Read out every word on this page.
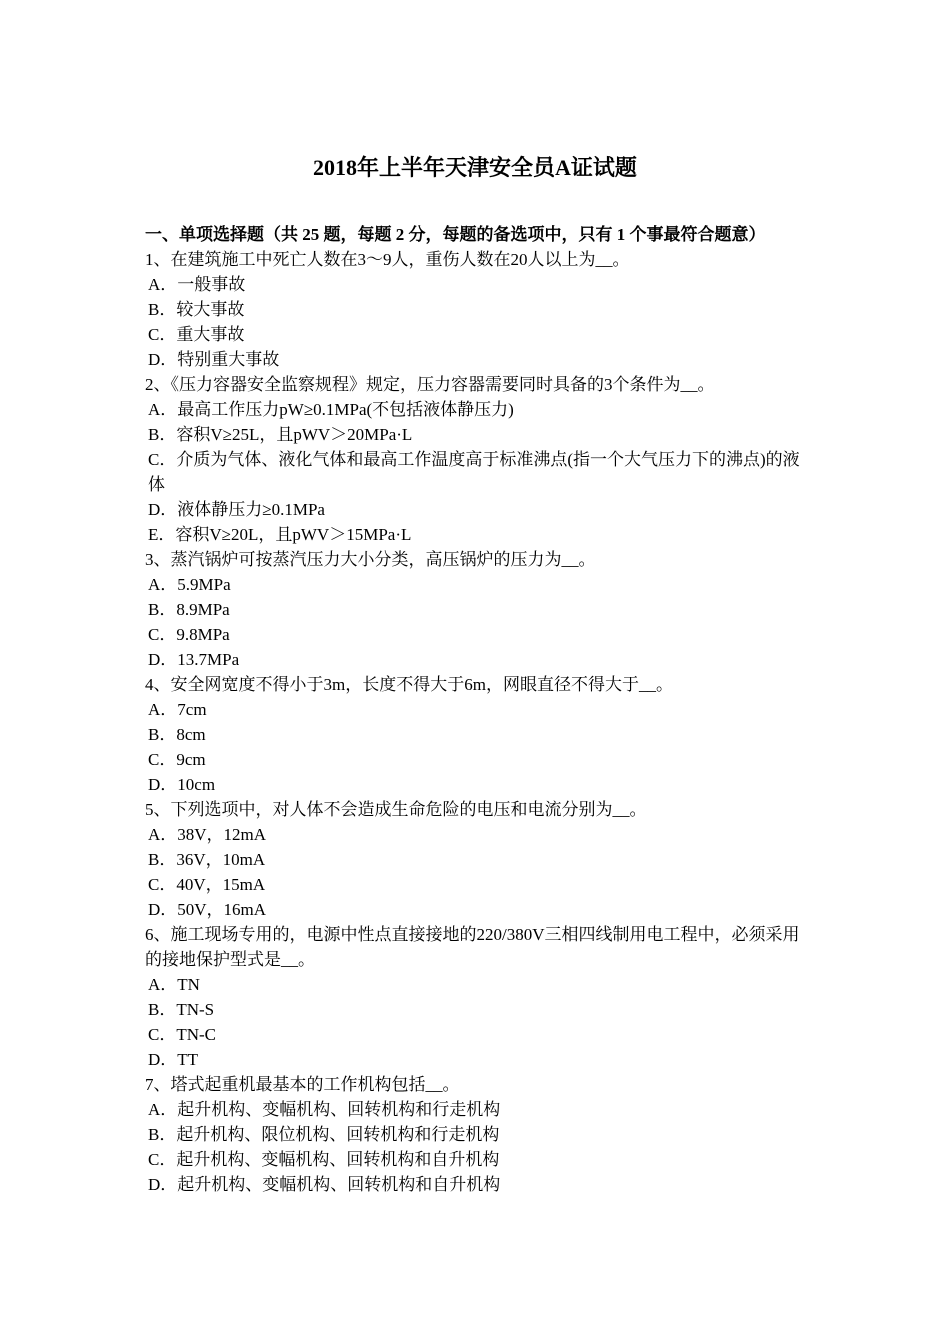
2018年上半年天津安全员A证试题
一、单项选择题（共 25 题，每题 2 分，每题的备选项中，只有 1 个事最符合题意）
1、在建筑施工中死亡人数在3～9人，重伤人数在20人以上为__。
A．一般事故
B．较大事故
C．重大事故
D．特别重大事故
2、《压力容器安全监察规程》规定，压力容器需要同时具备的3个条件为__。
A．最高工作压力pW≥0.1MPa(不包括液体静压力)
B．容积V≥25L，且pWV＞20MPa·L
C．介质为气体、液化气体和最高工作温度高于标准沸点(指一个大气压力下的沸点)的液体
D．液体静压力≥0.1MPa
E．容积V≥20L，且pWV＞15MPa·L
3、蒸汽锅炉可按蒸汽压力大小分类，高压锅炉的压力为__。
A．5.9MPa
B．8.9MPa
C．9.8MPa
D．13.7MPa
4、安全网宽度不得小于3m，长度不得大于6m，网眼直径不得大于__。
A．7cm
B．8cm
C．9cm
D．10cm
5、下列选项中，对人体不会造成生命危险的电压和电流分别为__。
A．38V，12mA
B．36V，10mA
C．40V，15mA
D．50V，16mA
6、施工现场专用的，电源中性点直接接地的220/380V三相四线制用电工程中，必须采用的接地保护型式是__。
A．TN
B．TN-S
C．TN-C
D．TT
7、塔式起重机最基本的工作机构包括__。
A．起升机构、变幅机构、回转机构和行走机构
B．起升机构、限位机构、回转机构和行走机构
C．起升机构、变幅机构、回转机构和自升机构
D．起升机构、变幅机构、回转机构和自升机构
